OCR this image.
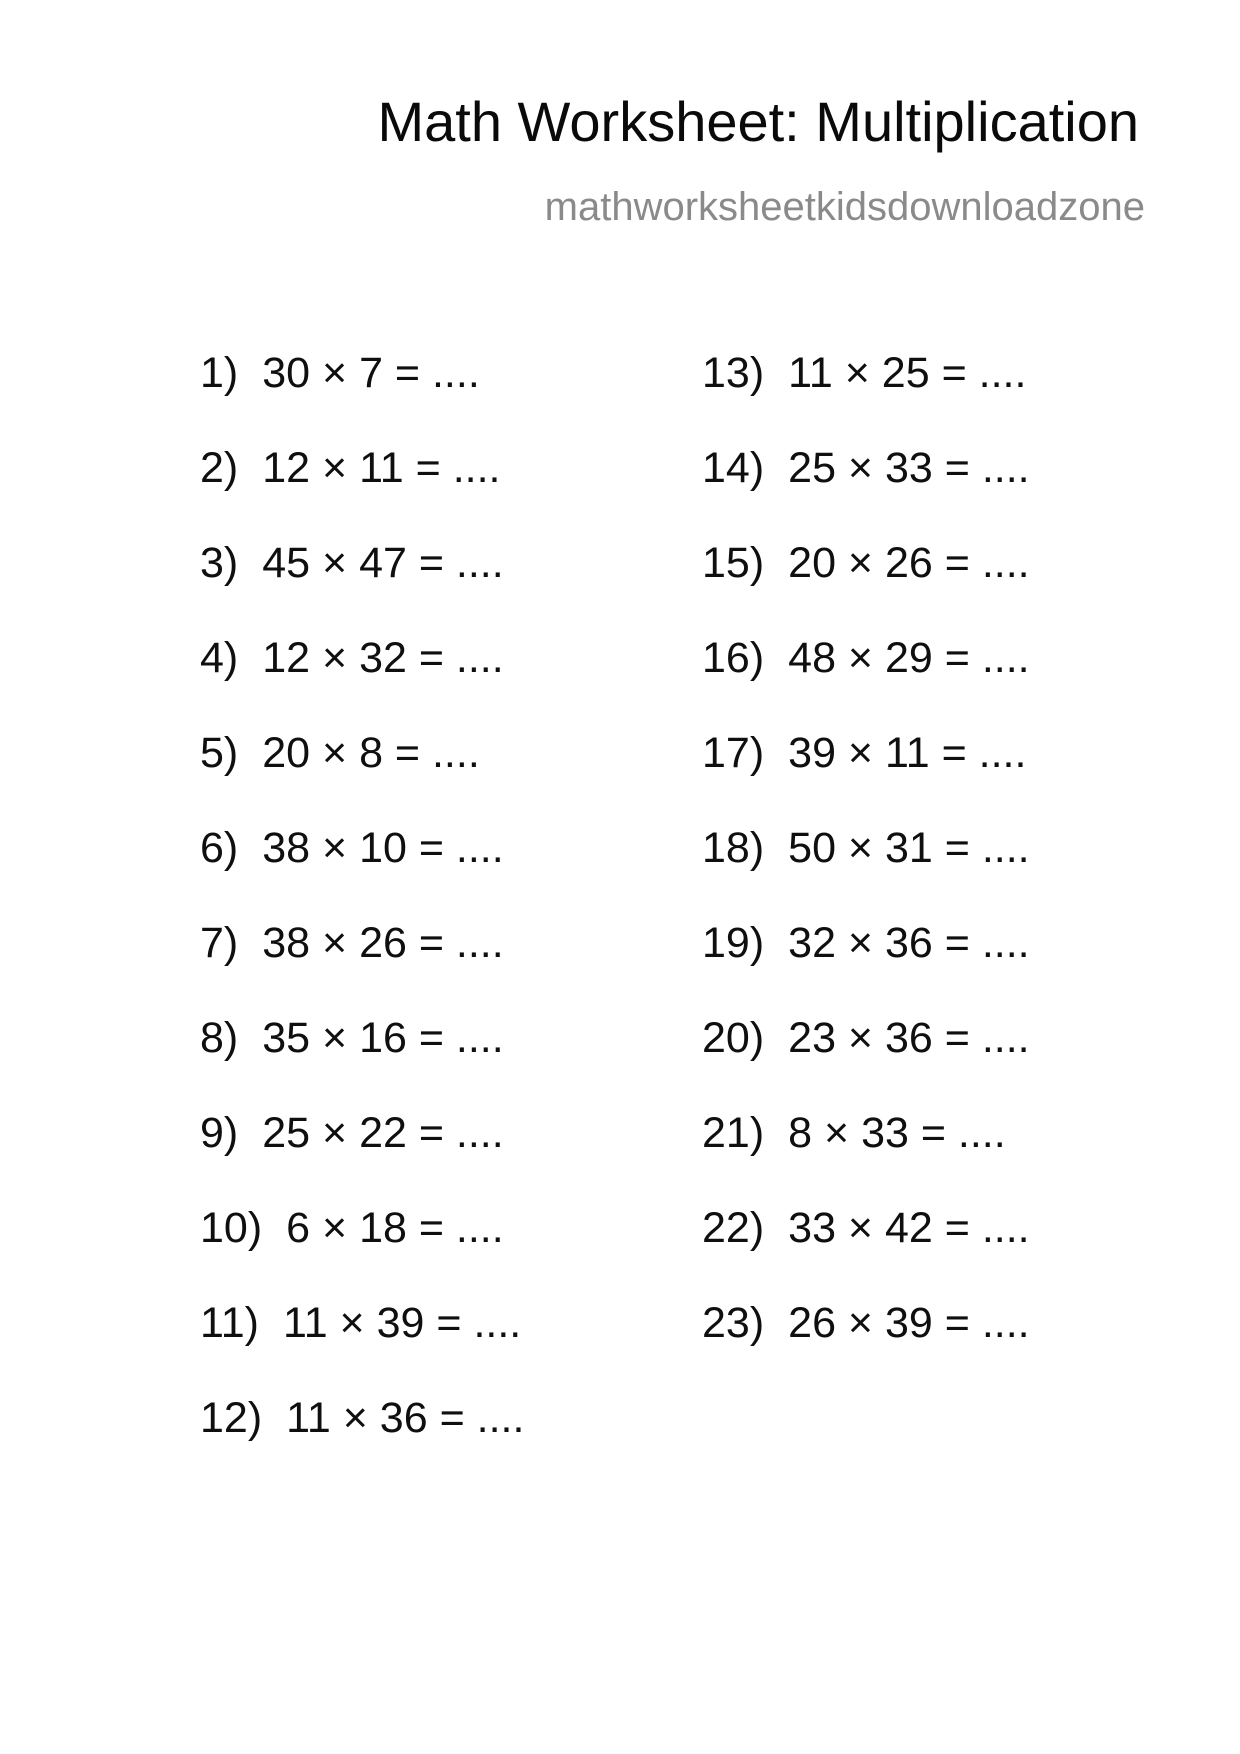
Math Worksheet: Multiplication
mathworksheetkidsdownloadzone
1) 30 × 7 = ....
2) 12 × 11 = ....
3) 45 × 47 = ....
4) 12 × 32 = ....
5) 20 × 8 = ....
6) 38 × 10 = ....
7) 38 × 26 = ....
8) 35 × 16 = ....
9) 25 × 22 = ....
10) 6 × 18 = ....
11) 11 × 39 = ....
12) 11 × 36 = ....
13) 11 × 25 = ....
14) 25 × 33 = ....
15) 20 × 26 = ....
16) 48 × 29 = ....
17) 39 × 11 = ....
18) 50 × 31 = ....
19) 32 × 36 = ....
20) 23 × 36 = ....
21) 8 × 33 = ....
22) 33 × 42 = ....
23) 26 × 39 = ....
